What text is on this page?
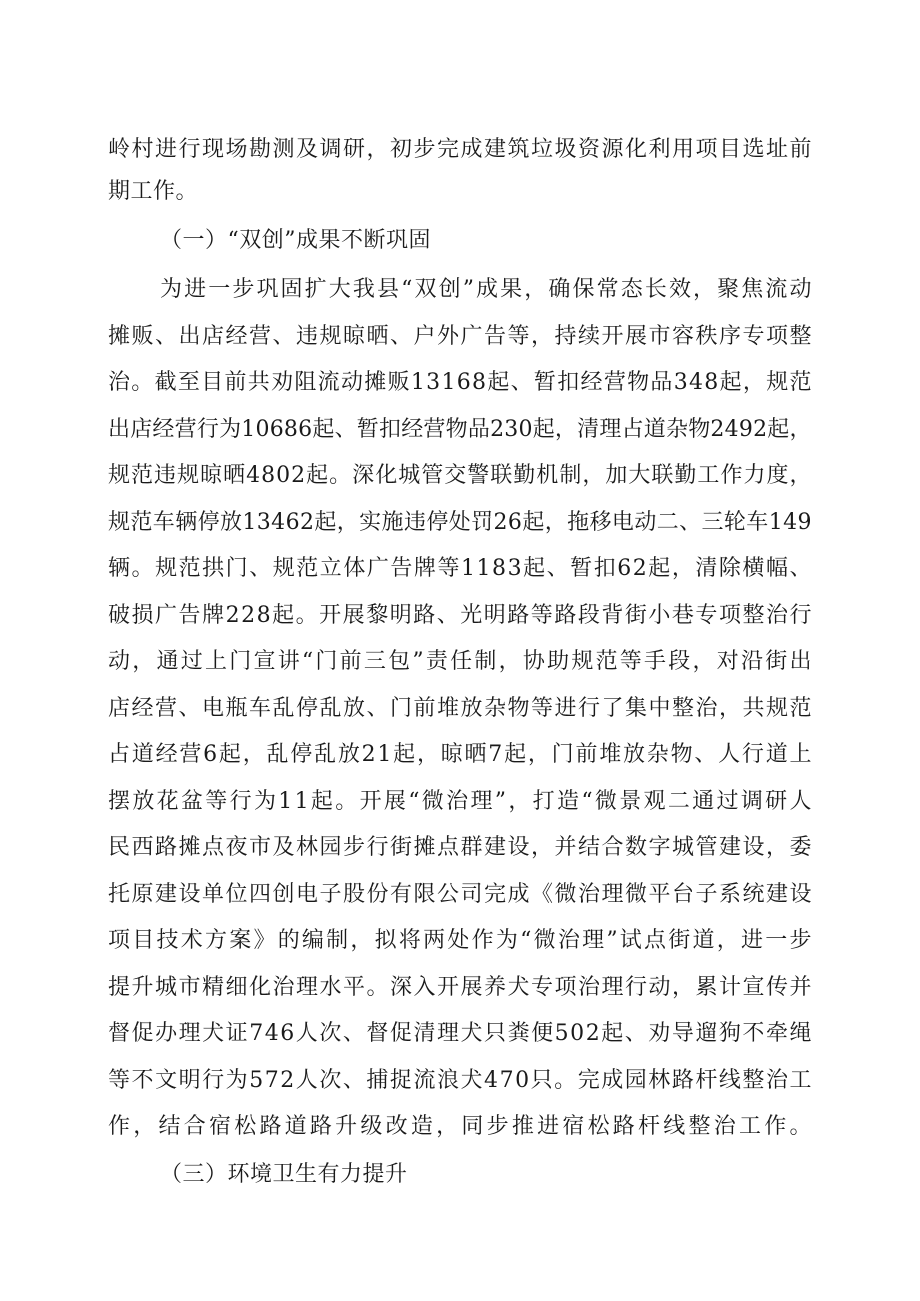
岭村进行现场勘测及调研，初步完成建筑垃圾资源化利用项目选址前
期工作。
（一）“双创”成果不断巩固
为进一步巩固扩大我县“双创”成果，确保常态长效，聚焦流动
摊贩、出店经营、违规晾晒、户外广告等，持续开展市容秩序专项整
治。截至目前共劝阻流动摊贩13168起、暂扣经营物品348起，规范
出店经营行为10686起、暂扣经营物品230起，清理占道杂物2492起，
规范违规晾晒4802起。深化城管交警联勤机制，加大联勤工作力度，
规范车辆停放13462起，实施违停处罚26起，拖移电动二、三轮车149
辆。规范拱门、规范立体广告牌等1183起、暂扣62起，清除横幅、
破损广告牌228起。开展黎明路、光明路等路段背街小巷专项整治行
动，通过上门宣讲“门前三包”责任制，协助规范等手段，对沿街出
店经营、电瓶车乱停乱放、门前堆放杂物等进行了集中整治，共规范
占道经营6起，乱停乱放21起，晾晒7起，门前堆放杂物、人行道上
摆放花盆等行为11起。开展“微治理”，打造“微景观二通过调研人
民西路摊点夜市及林园步行街摊点群建设，并结合数字城管建设，委
托原建设单位四创电子股份有限公司完成《微治理微平台子系统建设
项目技术方案》的编制，拟将两处作为“微治理”试点街道，进一步
提升城市精细化治理水平。深入开展养犬专项治理行动，累计宣传并
督促办理犬证746人次、督促清理犬只粪便502起、劝导遛狗不牵绳
等不文明行为572人次、捕捉流浪犬470只。完成园林路杆线整治工
作，结合宿松路道路升级改造，同步推进宿松路杆线整治工作。
（三）环境卫生有力提升
